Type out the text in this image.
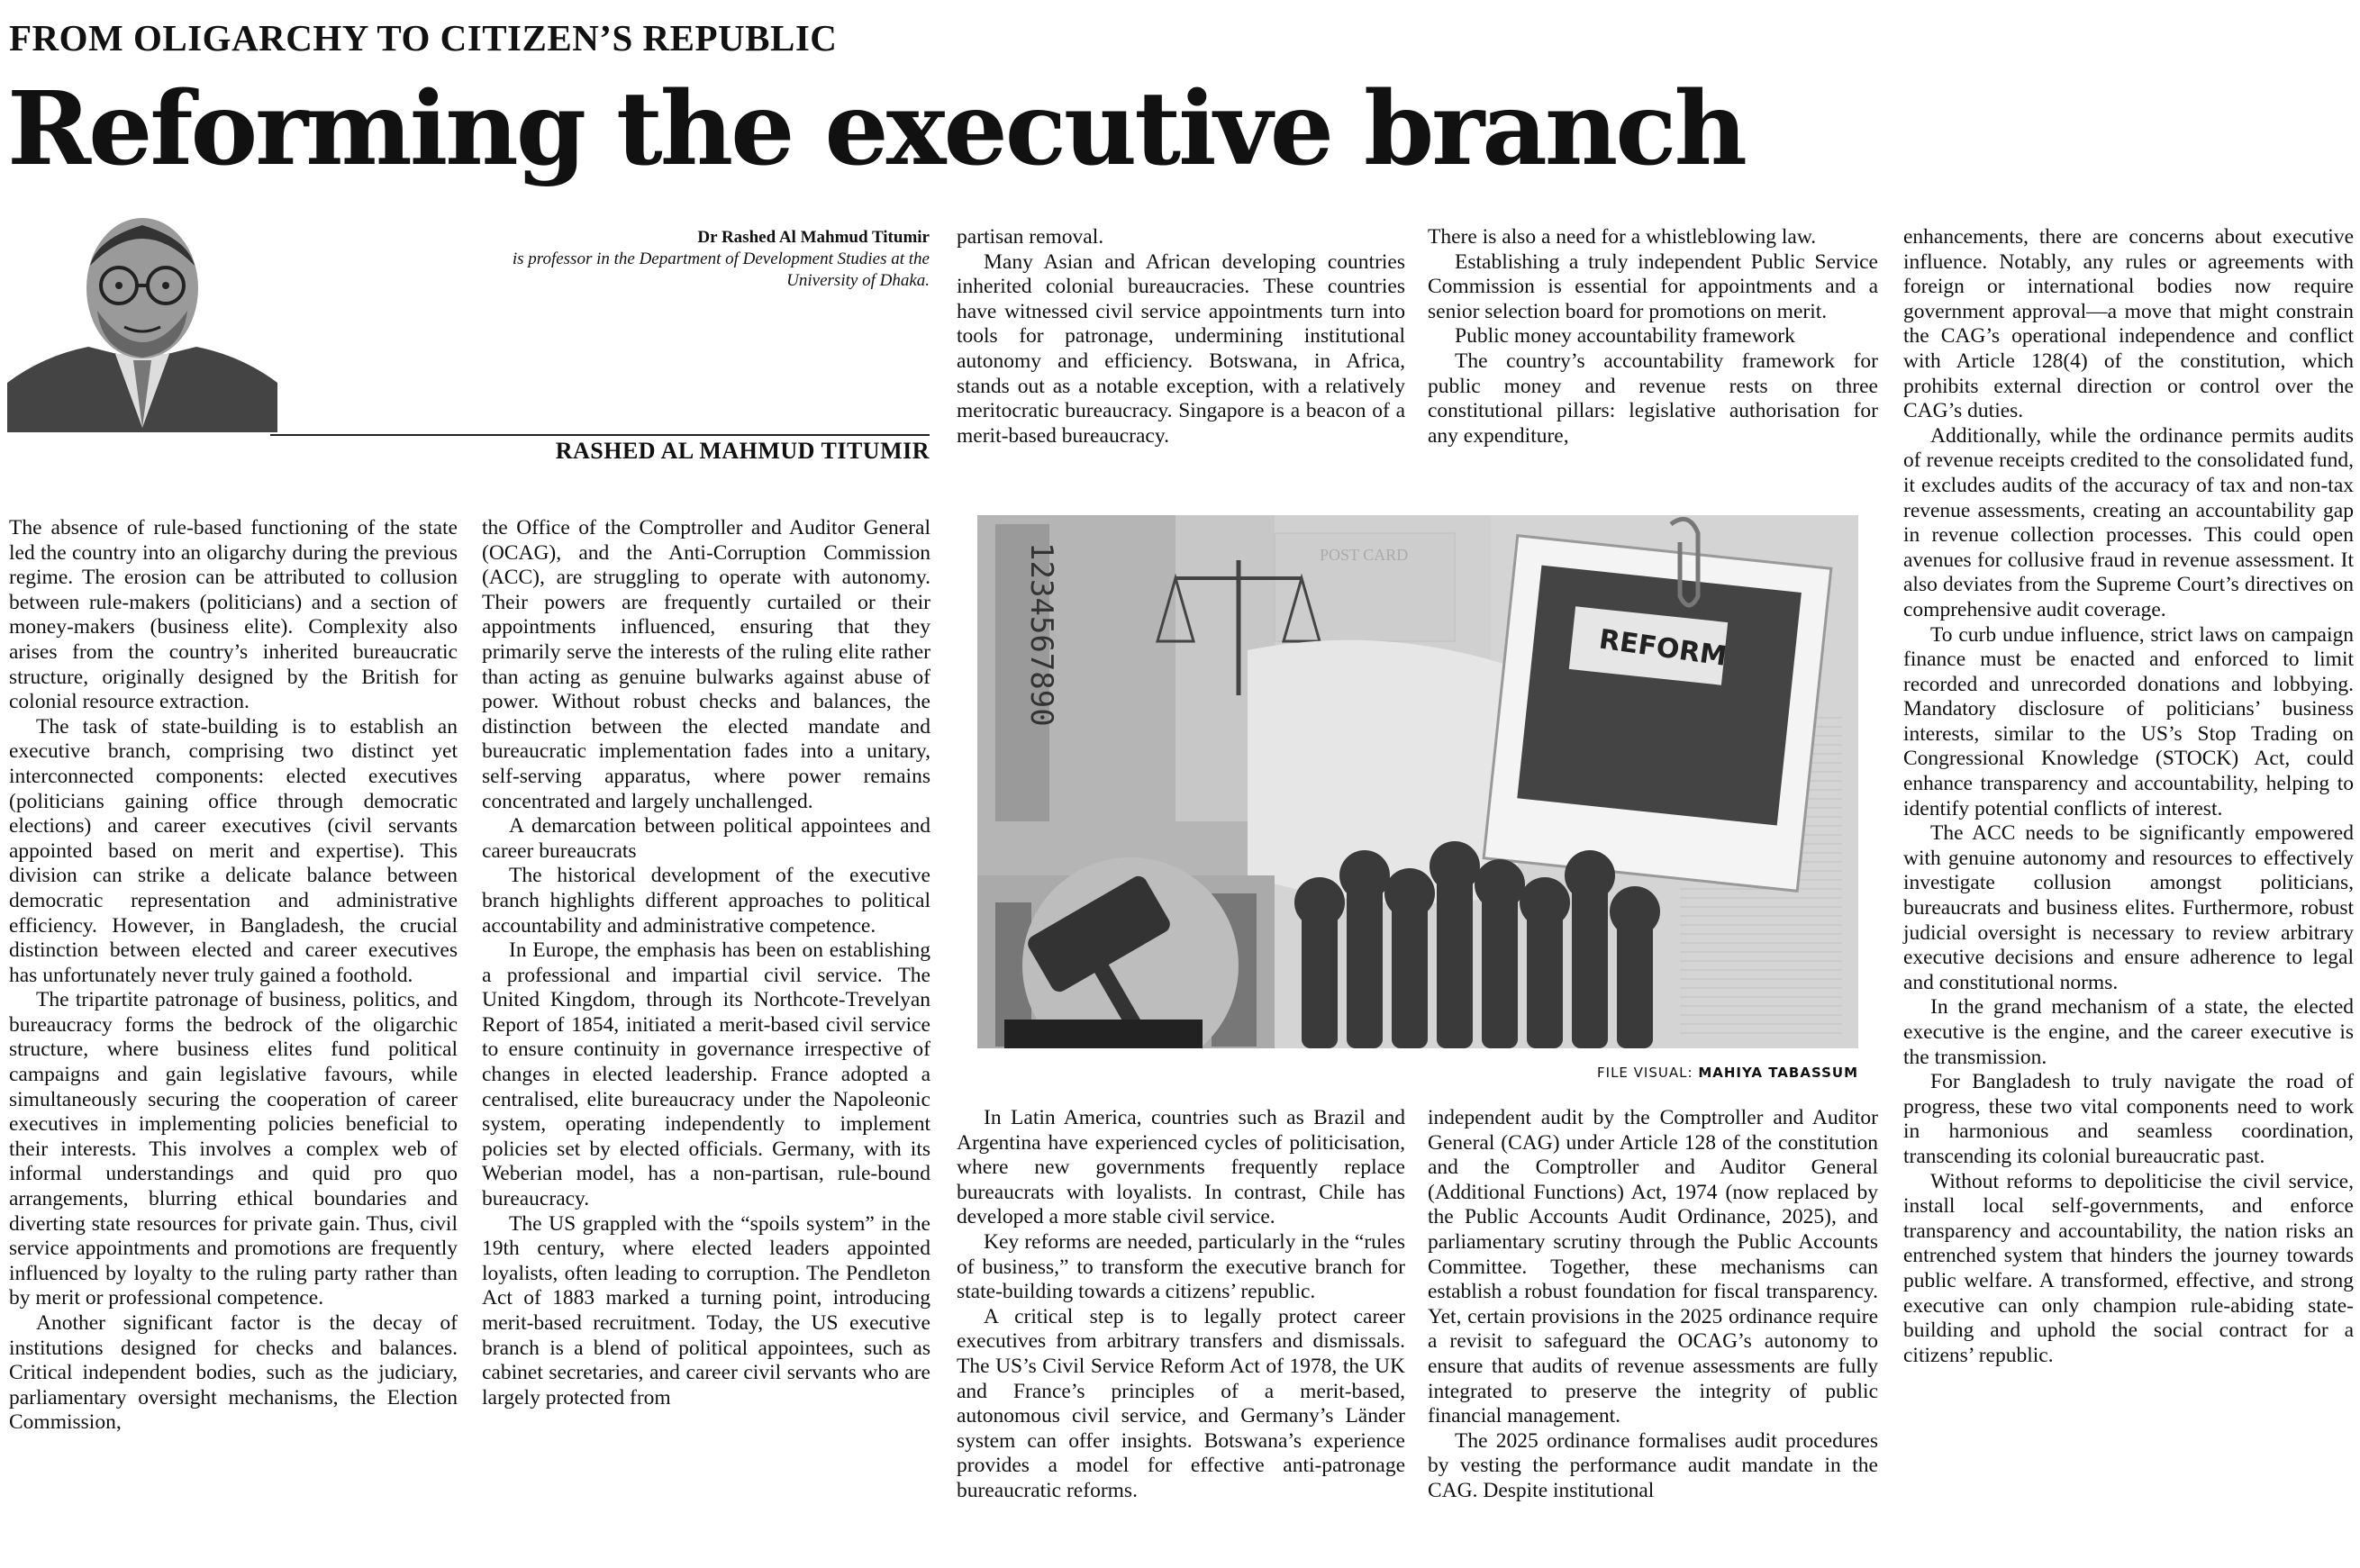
FROM OLIGARCHY TO CITIZEN’S REPUBLIC
Reforming the executive branch
Dr Rashed Al Mahmud Titumir
is professor in the Department of Development Studies at the University of Dhaka.
RASHED AL MAHMUD TITUMIR

The absence of rule-based functioning of the state led the country into an oligarchy during the previous regime. The erosion can be attributed to collusion between rule-makers (politicians) and a section of money-makers (business elite). Complexity also arises from the country’s inherited bureaucratic structure, originally designed by the British for colonial resource extraction.

The task of state-building is to establish an executive branch, comprising two distinct yet interconnected components: elected executives (politicians gaining office through democratic elections) and career executives (civil servants appointed based on merit and expertise). This division can strike a delicate balance between democratic representation and administrative efficiency. However, in Bangladesh, the crucial distinction between elected and career executives has unfortunately never truly gained a foothold.

The tripartite patronage of business, politics, and bureaucracy forms the bedrock of the oligarchic structure, where business elites fund political campaigns and gain legislative favours, while simultaneously securing the cooperation of career executives in implementing policies beneficial to their interests. This involves a complex web of informal understandings and quid pro quo arrangements, blurring ethical boundaries and diverting state resources for private gain. Thus, civil service appointments and promotions are frequently influenced by loyalty to the ruling party rather than by merit or professional competence.

Another significant factor is the decay of institutions designed for checks and balances. Critical independent bodies, such as the judiciary, parliamentary oversight mechanisms, the Election Commission,

the Office of the Comptroller and Auditor General (OCAG), and the Anti-Corruption Commission (ACC), are struggling to operate with autonomy. Their powers are frequently curtailed or their appointments influenced, ensuring that they primarily serve the interests of the ruling elite rather than acting as genuine bulwarks against abuse of power. Without robust checks and balances, the distinction between the elected mandate and bureaucratic implementation fades into a unitary, self-serving apparatus, where power remains concentrated and largely unchallenged.

A demarcation between political appointees and career bureaucrats

The historical development of the executive branch highlights different approaches to political accountability and administrative competence.

In Europe, the emphasis has been on establishing a professional and impartial civil service. The United Kingdom, through its Northcote-Trevelyan Report of 1854, initiated a merit-based civil service to ensure continuity in governance irrespective of changes in elected leadership. France adopted a centralised, elite bureaucracy under the Napoleonic system, operating independently to implement policies set by elected officials. Germany, with its Weberian model, has a non-partisan, rule-bound bureaucracy.

The US grappled with the “spoils system” in the 19th century, where elected leaders appointed loyalists, often leading to corruption. The Pendleton Act of 1883 marked a turning point, introducing merit-based recruitment. Today, the US executive branch is a blend of political appointees, such as cabinet secretaries, and career civil servants who are largely protected from

partisan removal.

Many Asian and African developing countries inherited colonial bureaucracies. These countries have witnessed civil service appointments turn into tools for patronage, undermining institutional autonomy and efficiency. Botswana, in Africa, stands out as a notable exception, with a relatively meritocratic bureaucracy. Singapore is a beacon of a merit-based bureaucracy.

There is also a need for a whistleblowing law.

Establishing a truly independent Public Service Commission is essential for appointments and a senior selection board for promotions on merit.

Public money accountability framework

The country’s accountability framework for public money and revenue rests on three constitutional pillars: legislative authorisation for any expenditure,

1234567890	REFORM
FILE VISUAL: MAHIYA TABASSUM

In Latin America, countries such as Brazil and Argentina have experienced cycles of politicisation, where new governments frequently replace bureaucrats with loyalists. In contrast, Chile has developed a more stable civil service.

Key reforms are needed, particularly in the “rules of business,” to transform the executive branch for state-building towards a citizens’ republic.

A critical step is to legally protect career executives from arbitrary transfers and dismissals. The US’s Civil Service Reform Act of 1978, the UK and France’s principles of a merit-based, autonomous civil service, and Germany’s Länder system can offer insights. Botswana’s experience provides a model for effective anti-patronage bureaucratic reforms.

independent audit by the Comptroller and Auditor General (CAG) under Article 128 of the constitution and the Comptroller and Auditor General (Additional Functions) Act, 1974 (now replaced by the Public Accounts Audit Ordinance, 2025), and parliamentary scrutiny through the Public Accounts Committee. Together, these mechanisms can establish a robust foundation for fiscal transparency. Yet, certain provisions in the 2025 ordinance require a revisit to safeguard the OCAG’s autonomy to ensure that audits of revenue assessments are fully integrated to preserve the integrity of public financial management.

The 2025 ordinance formalises audit procedures by vesting the performance audit mandate in the CAG. Despite institutional

enhancements, there are concerns about executive influence. Notably, any rules or agreements with foreign or international bodies now require government approval—a move that might constrain the CAG’s operational independence and conflict with Article 128(4) of the constitution, which prohibits external direction or control over the CAG’s duties.

Additionally, while the ordinance permits audits of revenue receipts credited to the consolidated fund, it excludes audits of the accuracy of tax and non-tax revenue assessments, creating an accountability gap in revenue collection processes. This could open avenues for collusive fraud in revenue assessment. It also deviates from the Supreme Court’s directives on comprehensive audit coverage.

To curb undue influence, strict laws on campaign finance must be enacted and enforced to limit recorded and unrecorded donations and lobbying. Mandatory disclosure of politicians’ business interests, similar to the US’s Stop Trading on Congressional Knowledge (STOCK) Act, could enhance transparency and accountability, helping to identify potential conflicts of interest.

The ACC needs to be significantly empowered with genuine autonomy and resources to effectively investigate collusion amongst politicians, bureaucrats and business elites. Furthermore, robust judicial oversight is necessary to review arbitrary executive decisions and ensure adherence to legal and constitutional norms.

In the grand mechanism of a state, the elected executive is the engine, and the career executive is the transmission.

For Bangladesh to truly navigate the road of progress, these two vital components need to work in harmonious and seamless coordination, transcending its colonial bureaucratic past.

Without reforms to depoliticise the civil service, install local self-governments, and enforce transparency and accountability, the nation risks an entrenched system that hinders the journey towards public welfare. A transformed, effective, and strong executive can only champion rule-abiding state-building and uphold the social contract for a citizens’ republic.
